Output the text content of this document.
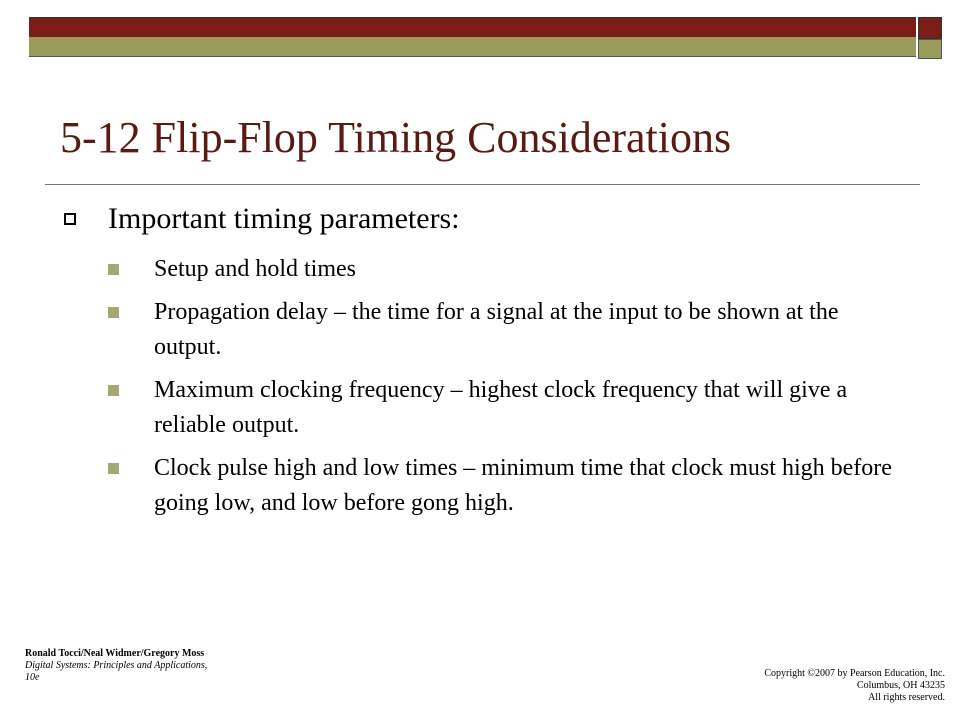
5-12 Flip-Flop Timing Considerations
Important timing parameters:
Setup and hold times
Propagation delay – the time for a signal at the input to be shown at the output.
Maximum clocking frequency – highest clock frequency that will give a reliable output.
Clock pulse high and low times – minimum time that clock must high before going low, and low before gong high.
Ronald Tocci/Neal Widmer/Gregory Moss
Digital Systems: Principles and Applications, 10e	Copyright ©2007 by Pearson Education, Inc.
Columbus, OH 43235
All rights reserved.
